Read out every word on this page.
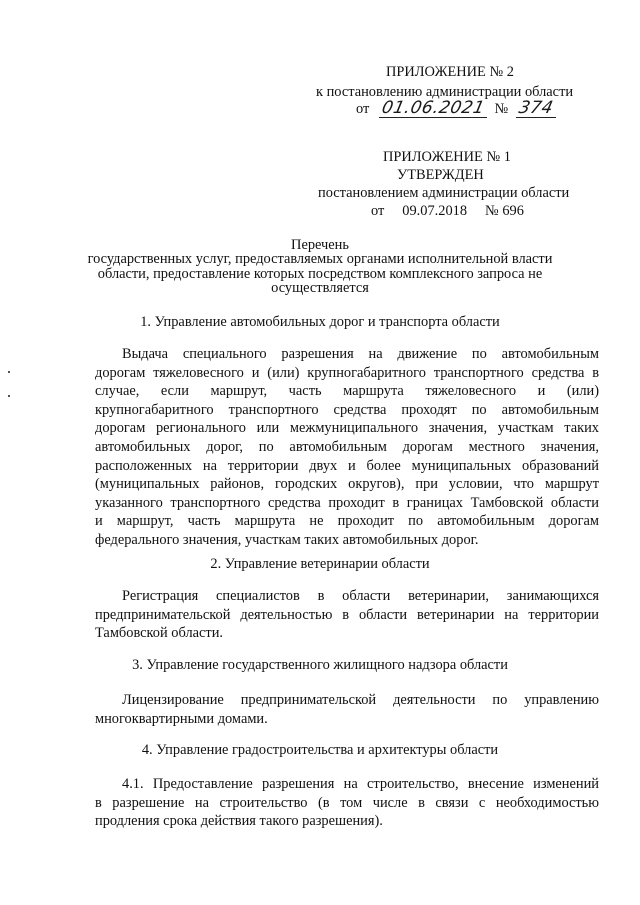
ПРИЛОЖЕНИЕ № 2
к постановлению администрации области
от 01.06.2021 № 374
ПРИЛОЖЕНИЕ № 1
УТВЕРЖДЕН
постановлением администрации области
от     09.07.2018     № 696
Перечень
государственных услуг, предоставляемых органами исполнительной власти
области, предоставление которых посредством комплексного запроса не
осуществляется
1. Управление автомобильных дорог и транспорта области
Выдача специального разрешения на движение по автомобильным
дорогам тяжеловесного и (или) крупногабаритного транспортного средства в
случае, если маршрут, часть маршрута тяжеловесного и (или)
крупногабаритного транспортного средства проходят по автомобильным
дорогам регионального или межмуниципального значения, участкам таких
автомобильных дорог, по автомобильным дорогам местного значения,
расположенных на территории двух и более муниципальных образований
(муниципальных районов, городских округов), при условии, что маршрут
указанного транспортного средства проходит в границах Тамбовской области
и маршрут, часть маршрута не проходит по автомобильным дорогам
федерального значения, участкам таких автомобильных дорог.
2. Управление ветеринарии области
Регистрация специалистов в области ветеринарии, занимающихся
предпринимательской деятельностью в области ветеринарии на территории
Тамбовской области.
3. Управление государственного жилищного надзора области
Лицензирование предпринимательской деятельности по управлению
многоквартирными домами.
4. Управление градостроительства и архитектуры области
4.1. Предоставление разрешения на строительство, внесение изменений
в разрешение на строительство (в том числе в связи с необходимостью
продления срока действия такого разрешения).
